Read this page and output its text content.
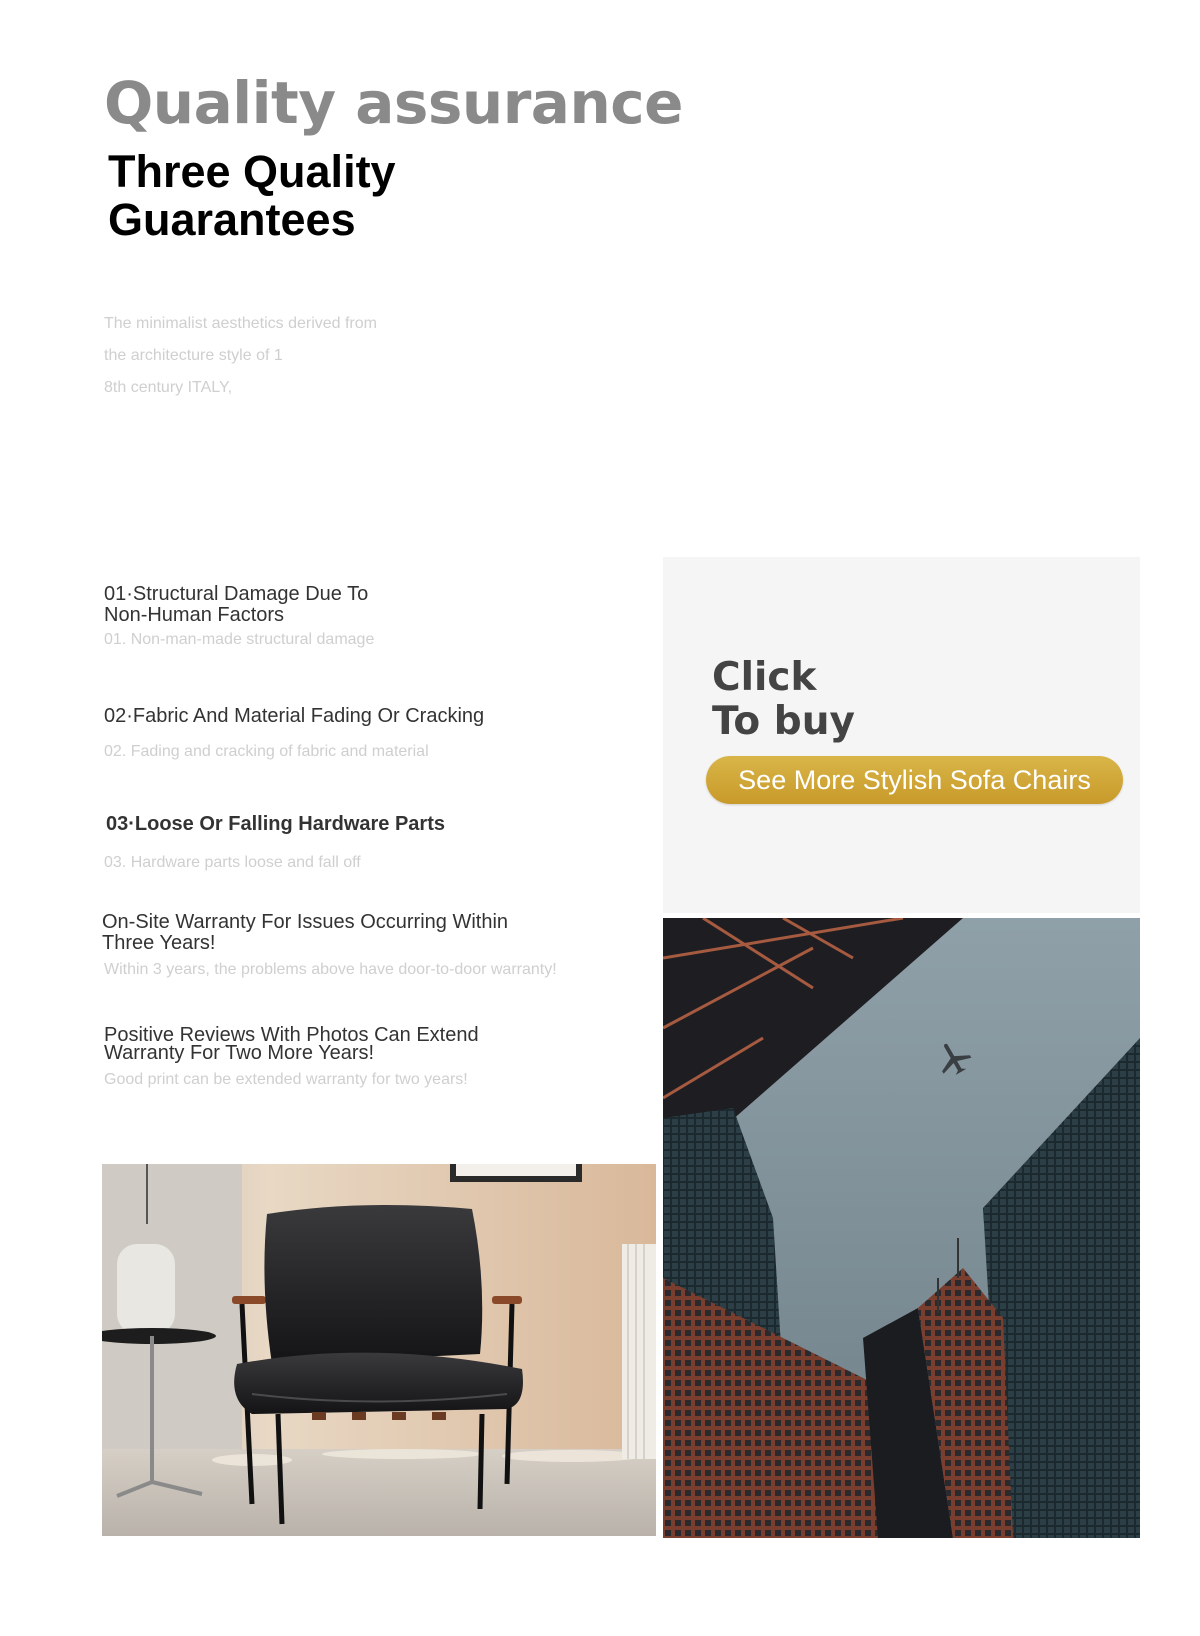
Quality assurance
Three Quality
Guarantees
The minimalist aesthetics derived from
the architecture style of 1
8th century ITALY,
01·Structural Damage Due To
Non-Human Factors
01. Non-man-made structural damage
02·Fabric And Material Fading Or Cracking
02. Fading and cracking of fabric and material
03·Loose Or Falling Hardware Parts
03. Hardware parts loose and fall off
On-Site Warranty For Issues Occurring Within
Three Years!
Within 3 years, the problems above have door-to-door warranty!
Positive Reviews With Photos Can Extend
Warranty For Two More Years!
Good print can be extended warranty for two years!
Click
To buy
See More Stylish Sofa Chairs
